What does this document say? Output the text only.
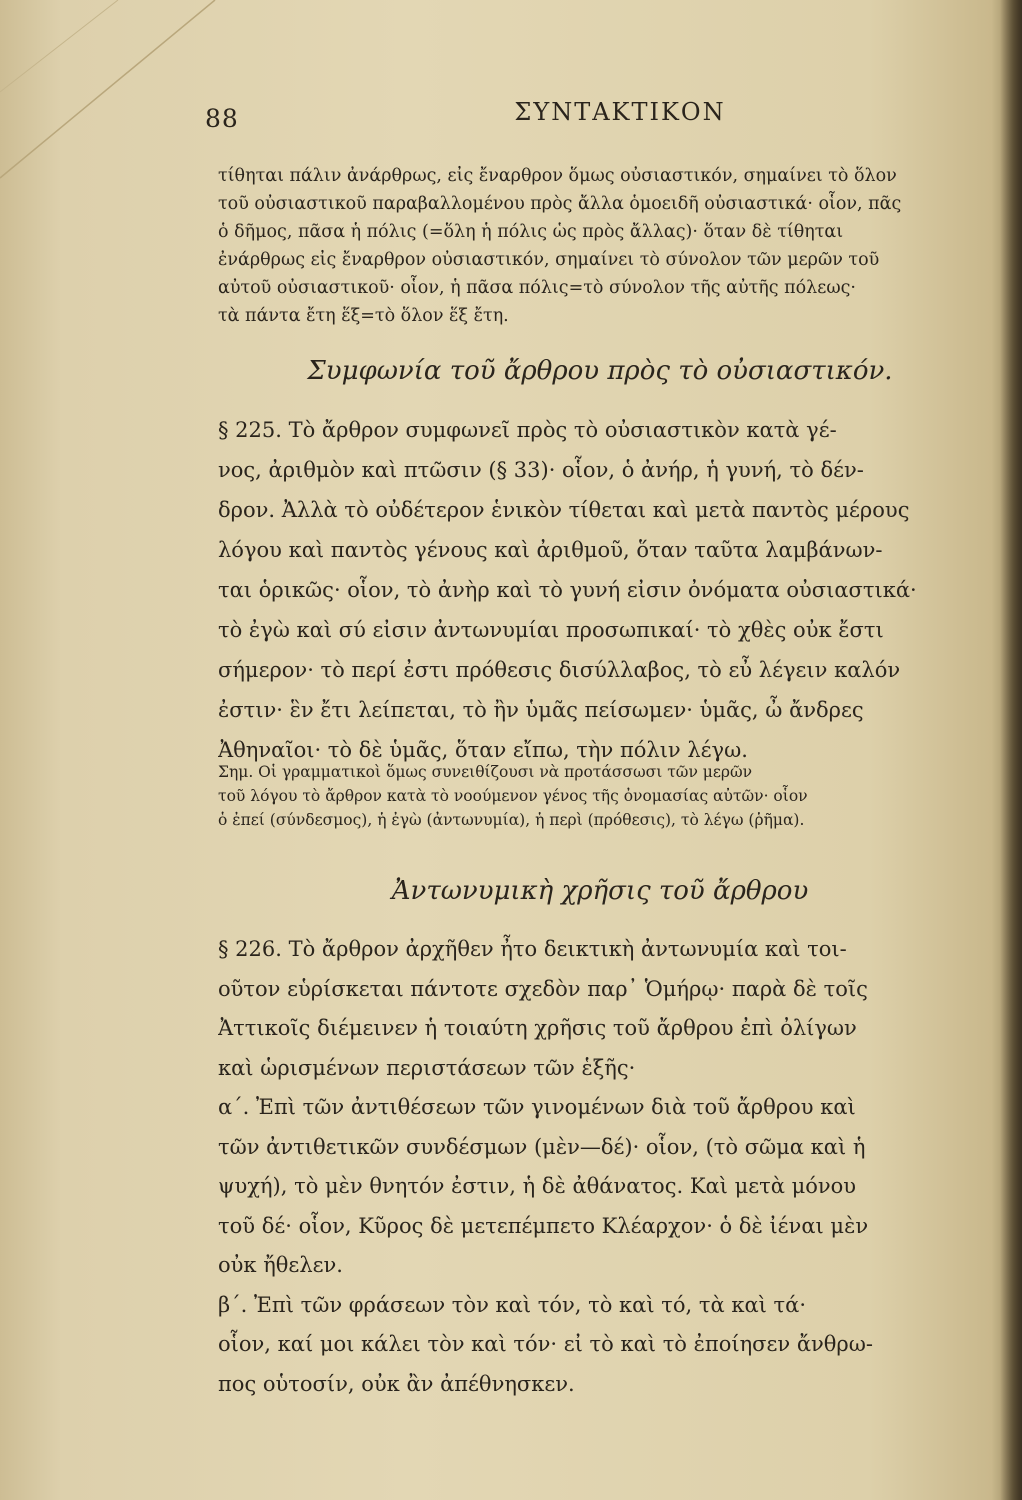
88	ΣΥΝΤΑΚΤΙΚΟΝ
τίθηται πάλιν ἀνάρθρως, εἰς ἔναρθρον ὅμως οὐσιαστικόν, σημαίνει τὸ ὅλον
τοῦ οὐσιαστικοῦ παραβαλλομένου πρὸς ἄλλα ὁμοειδῆ οὐσιαστικά· οἷον, πᾶς
ὁ δῆμος, πᾶσα ἡ πόλις (=ὅλη ἡ πόλις ὡς πρὸς ἄλλας)· ὅταν δὲ τίθηται
ἐνάρθρως εἰς ἔναρθρον οὐσιαστικόν, σημαίνει τὸ σύνολον τῶν μερῶν τοῦ
αὐτοῦ οὐσιαστικοῦ· οἷον, ἡ πᾶσα πόλις=τὸ σύνολον τῆς αὐτῆς πόλεως·
τὰ πάντα ἔτη ἕξ=τὸ ὅλον ἕξ ἔτη.
Συμφωνία τοῦ ἄρθρου πρὸς τὸ οὐσιαστικόν.
§ 225. Τὸ ἄρθρον συμφωνεῖ πρὸς τὸ οὐσιαστικὸν κατὰ γέ-
νος, ἀριθμὸν καὶ πτῶσιν (§ 33)· οἷον, ὁ ἀνήρ, ἡ γυνή, τὸ δέν-
δρον. Ἀλλὰ τὸ οὐδέτερον ἑνικὸν τίθεται καὶ μετὰ παντὸς μέρους
λόγου καὶ παντὸς γένους καὶ ἀριθμοῦ, ὅταν ταῦτα λαμβάνων-
ται ὁρικῶς· οἷον, τὸ ἀνὴρ καὶ τὸ γυνή εἰσιν ὀνόματα οὐσιαστικά·
τὸ ἐγὼ καὶ σύ εἰσιν ἀντωνυμίαι προσωπικαί· τὸ χθὲς οὐκ ἔστι
σήμερον· τὸ περί ἐστι πρόθεσις δισύλλαβος, τὸ εὖ λέγειν καλόν
ἐστιν· ἓν ἔτι λείπεται, τὸ ἢν ὑμᾶς πείσωμεν· ὑμᾶς, ὦ ἄνδρες
Ἀθηναῖοι· τὸ δὲ ὑμᾶς, ὅταν εἴπω, τὴν πόλιν λέγω.
Σημ. Οἱ γραμματικοὶ ὅμως συνειθίζουσι νὰ προτάσσωσι τῶν μερῶν
τοῦ λόγου τὸ ἄρθρον κατὰ τὸ νοούμενον γένος τῆς ὀνομασίας αὐτῶν· οἷον
ὁ ἐπεί (σύνδεσμος), ἡ ἐγὼ (ἀντωνυμία), ἡ περὶ (πρόθεσις), τὸ λέγω (ῥῆμα).
Ἀντωνυμικὴ χρῆσις τοῦ ἄρθρου
§ 226. Τὸ ἄρθρον ἀρχῆθεν ἦτο δεικτικὴ ἀντωνυμία καὶ τοι-
οῦτον εὑρίσκεται πάντοτε σχεδὸν παρ᾽ Ὁμήρῳ· παρὰ δὲ τοῖς
Ἀττικοῖς διέμεινεν ἡ τοιαύτη χρῆσις τοῦ ἄρθρου ἐπὶ ὀλίγων
καὶ ὡρισμένων περιστάσεων τῶν ἑξῆς·
α΄. Ἐπὶ τῶν ἀντιθέσεων τῶν γινομένων διὰ τοῦ ἄρθρου καὶ
τῶν ἀντιθετικῶν συνδέσμων (μὲν—δέ)· οἷον, (τὸ σῶμα καὶ ἡ
ψυχή), τὸ μὲν θνητόν ἐστιν, ἡ δὲ ἀθάνατος. Καὶ μετὰ μόνου
τοῦ δέ· οἷον, Κῦρος δὲ μετεπέμπετο Κλέαρχον· ὁ δὲ ἰέναι μὲν
οὐκ ἤθελεν.
β΄. Ἐπὶ τῶν φράσεων τὸν καὶ τόν, τὸ καὶ τό, τὰ καὶ τά·
οἷον, καί μοι κάλει τὸν καὶ τόν· εἰ τὸ καὶ τὸ ἐποίησεν ἄνθρω-
πος οὑτοσίν, οὐκ ἂν ἀπέθνησκεν.
